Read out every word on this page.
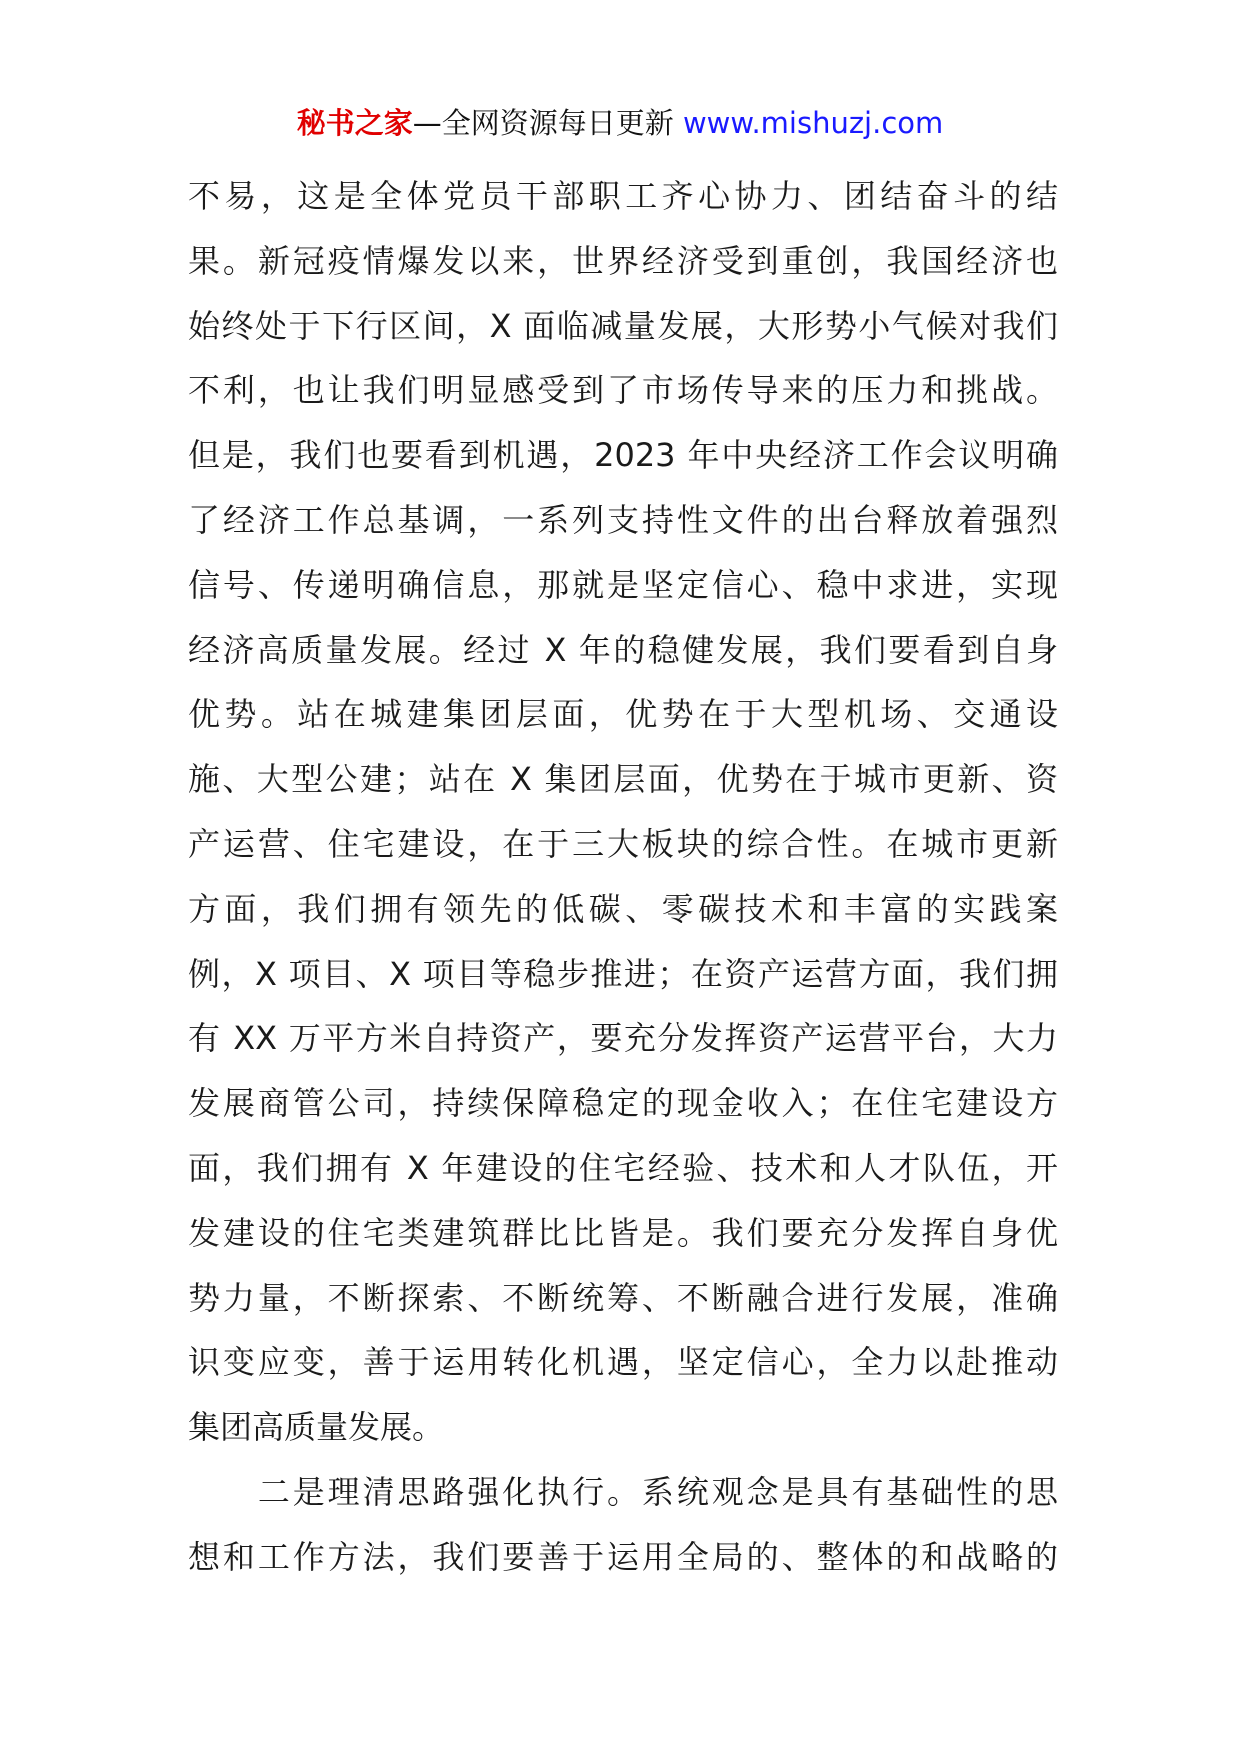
秘书之家—全网资源每日更新 www.mishuzj.com
不易，这是全体党员干部职工齐心协力、团结奋斗的结
果。新冠疫情爆发以来，世界经济受到重创，我国经济也
始终处于下行区间，X 面临减量发展，大形势小气候对我们
不利，也让我们明显感受到了市场传导来的压力和挑战。
但是，我们也要看到机遇，2023 年中央经济工作会议明确
了经济工作总基调，一系列支持性文件的出台释放着强烈
信号、传递明确信息，那就是坚定信心、稳中求进，实现
经济高质量发展。经过 X 年的稳健发展，我们要看到自身
优势。站在城建集团层面，优势在于大型机场、交通设
施、大型公建；站在 X 集团层面，优势在于城市更新、资
产运营、住宅建设，在于三大板块的综合性。在城市更新
方面，我们拥有领先的低碳、零碳技术和丰富的实践案
例，X 项目、X 项目等稳步推进；在资产运营方面，我们拥
有 XX 万平方米自持资产，要充分发挥资产运营平台，大力
发展商管公司，持续保障稳定的现金收入；在住宅建设方
面，我们拥有 X 年建设的住宅经验、技术和人才队伍，开
发建设的住宅类建筑群比比皆是。我们要充分发挥自身优
势力量，不断探索、不断统筹、不断融合进行发展，准确
识变应变，善于运用转化机遇，坚定信心，全力以赴推动
集团高质量发展。
　　二是理清思路强化执行。系统观念是具有基础性的思
想和工作方法，我们要善于运用全局的、整体的和战略的
